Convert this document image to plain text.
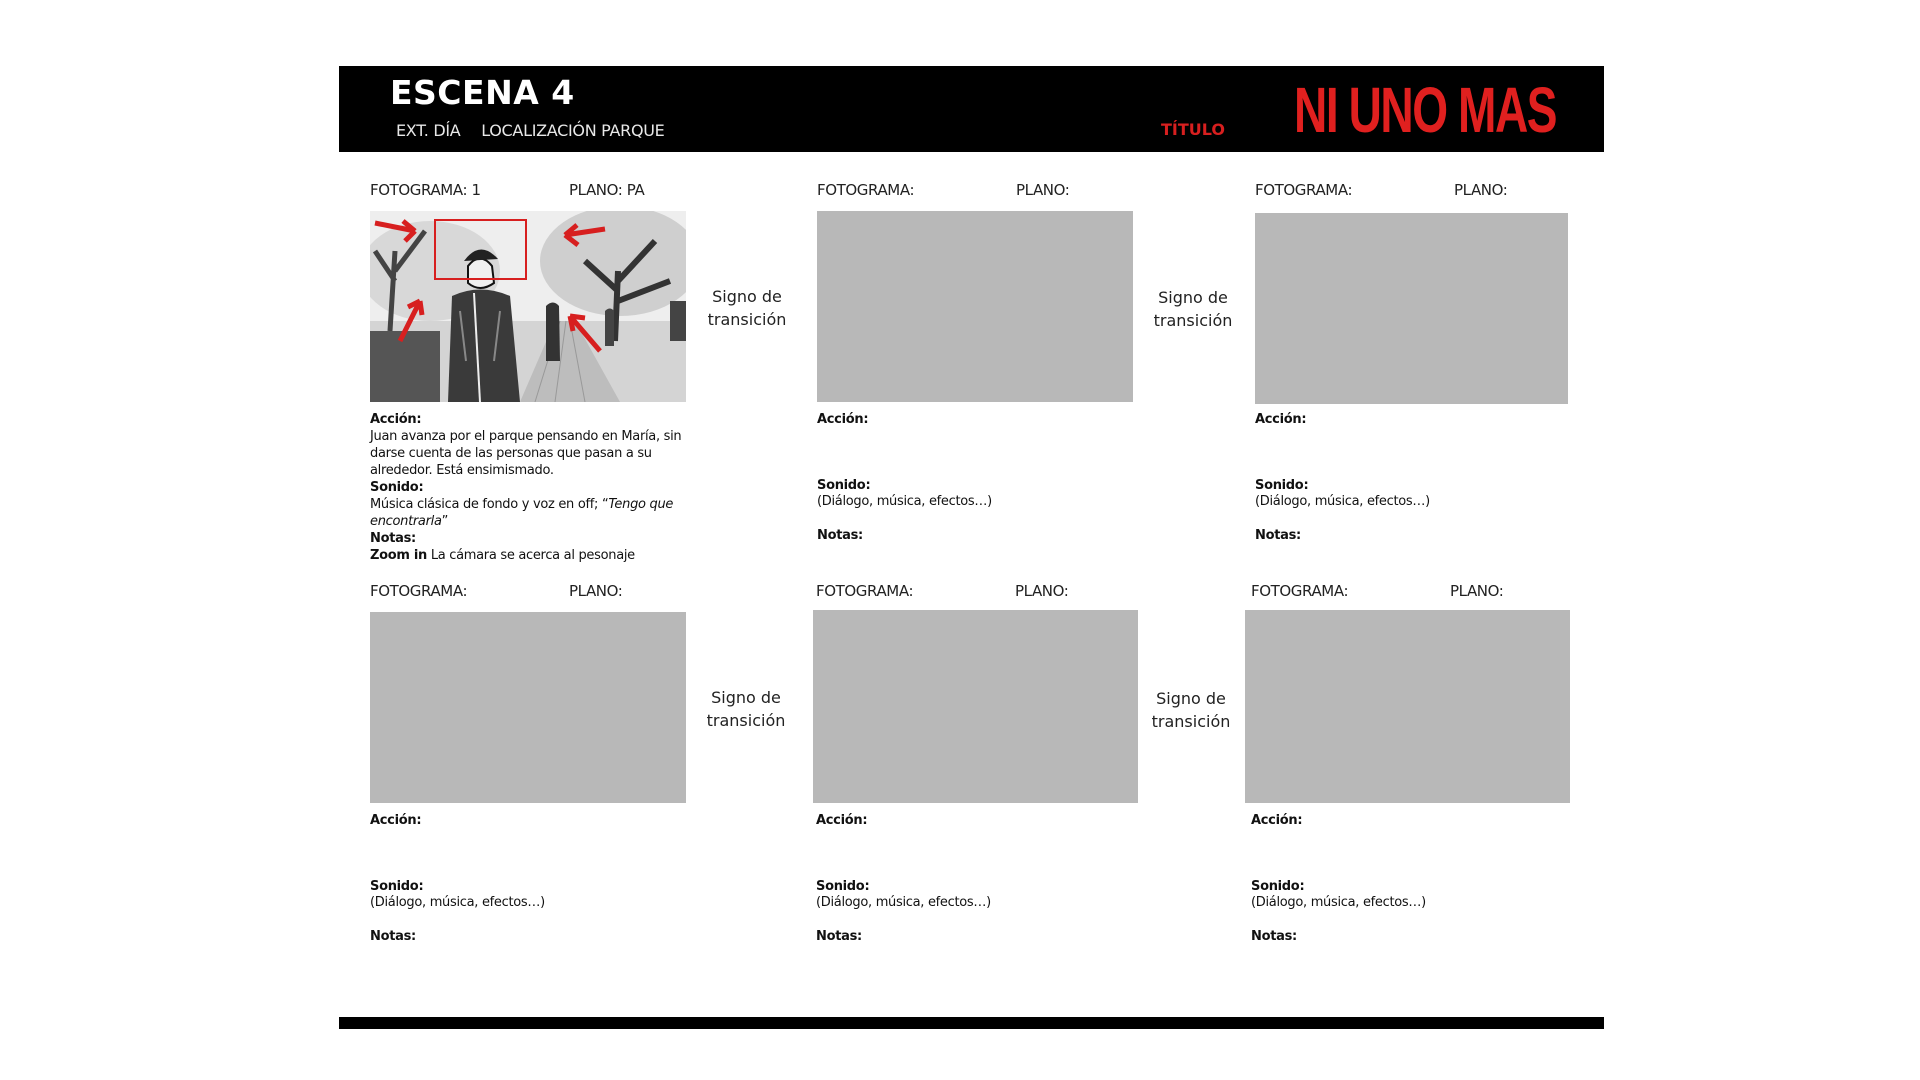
ESCENA 4
EXT. DÍA LOCALIZACIÓN PARQUE	TÍTULO NI UNO MAS
FOTOGRAMA: 1	PLANO: PA
Acción:
Juan avanza por el parque pensando en María, sin darse cuenta de las personas que pasan a su alrededor. Está ensimismado.
Sonido:
Música clásica de fondo y voz en off; “Tengo que encontrarla”
Notas:
Zoom in La cámara se acerca al pesonaje
FOTOGRAMA:	PLANO:
Acción:
Sonido:
(Diálogo, música, efectos…)
Notas:
FOTOGRAMA:	PLANO:
Acción:
Sonido:
(Diálogo, música, efectos…)
Notas:
FOTOGRAMA:	PLANO:
Acción:
Sonido:
(Diálogo, música, efectos…)
Notas:
FOTOGRAMA:	PLANO:
Acción:
Sonido:
(Diálogo, música, efectos…)
Notas:
FOTOGRAMA:	PLANO:
Acción:
Sonido:
(Diálogo, música, efectos…)
Notas:
Signo de
transición
Signo de
transición
Signo de
transición
Signo de
transición
